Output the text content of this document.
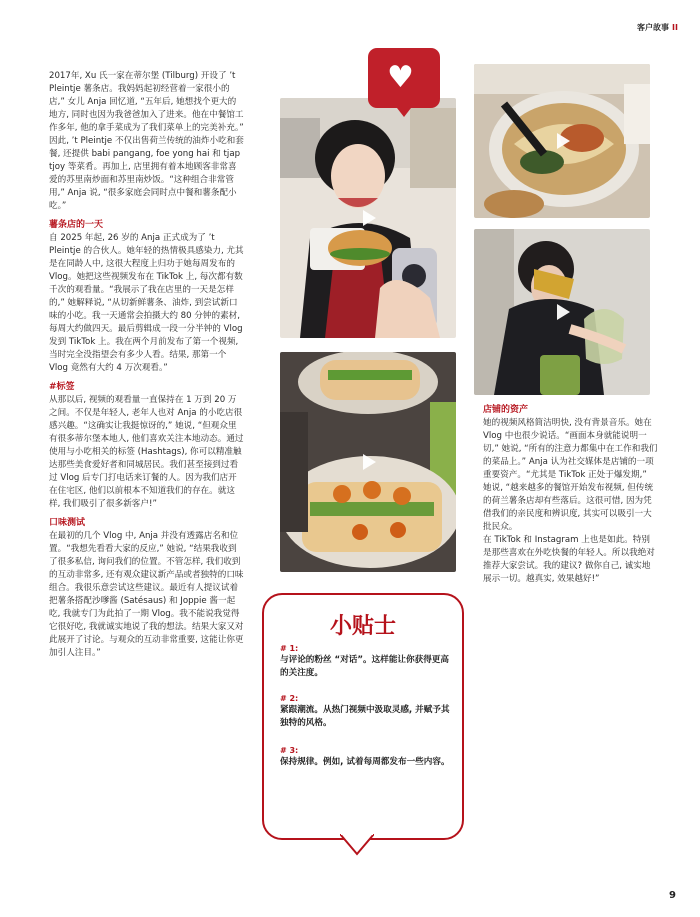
客户故事 II

2017年, Xu 氏一家在蒂尔堡 (Tilburg) 开设了 ’t Pleintje 薯条店。我妈妈起初经营着一家很小的店,” 女儿 Anja 回忆道, “五年后, 她想找个更大的地方, 同时也因为我爸爸加入了进来。他在中餐馆工作多年, 他的拿手菜成为了我们菜单上的完美补充。” 因此, ’t Pleintje 不仅出售荷兰传统的油炸小吃和套餐, 还提供 babi pangang, foe yong hai 和 tjap tjoy 等菜肴。再加上, 店里拥有着本地顾客非常喜爱的苏里南炒面和苏里南炒饭。“这种组合非常管用,” Anja 说, “很多家庭会同时点中餐和薯条配小吃。”

薯条店的一天

自 2025 年起, 26 岁的 Anja 正式成为了 ’t Pleintje 的合伙人。她年轻的热情极具感染力, 尤其是在同龄人中, 这很大程度上归功于她每周发布的 Vlog。她把这些视频发布在 TikTok 上, 每次都有数千次的观看量。“我展示了我在店里的一天是怎样的,” 她解释说, “从切新鲜薯条、油炸, 到尝试新口味的小吃。我一天通常会拍摄大约 80 分钟的素材, 每周大约做四天。最后剪辑成一段一分半钟的 Vlog 发到 TikTok 上。我在两个月前发布了第一个视频, 当时完全没指望会有多少人看。结果, 那第一个 Vlog 竟然有大约 4 万次观看。”

#标签

从那以后, 视频的观看量一直保持在 1 万到 20 万之间。不仅是年轻人, 老年人也对 Anja 的小吃店很感兴趣。“这确实让我挺惊讶的,” 她说, “但观众里有很多蒂尔堡本地人, 他们喜欢关注本地动态。通过使用与小吃相关的标签 (Hashtags), 你可以精准触达那些美食爱好者和同城居民。我们甚至接到过看过 Vlog 后专门打电话来订餐的人。因为我们店开在住宅区, 他们以前根本不知道我们的存在。就这样, 我们吸引了很多新客户!”

口味测试

在最初的几个 Vlog 中, Anja 并没有透露店名和位置。“我想先看看大家的反应,” 她说, “结果我收到了很多私信, 询问我们的位置。不管怎样, 我们收到的互动非常多, 还有观众建议新产品或者独特的口味组合。我很乐意尝试这些建议。最近有人提议试着把薯条搭配沙嗲酱 (Satésaus) 和 Joppie 酱一起吃, 我就专门为此拍了一期 Vlog。我不能说我觉得它很好吃, 我就诚实地说了我的想法。结果大家又对此展开了讨论。与观众的互动非常重要, 这能让你更加引人注目。”

♥
店铺的资产

她的视频风格简洁明快, 没有背景音乐。她在 Vlog 中也很少说话。“画面本身就能说明一切,” 她说, “所有的注意力都集中在工作和我们的菜品上。” Anja 认为社交媒体是店铺的一项重要资产。“尤其是 TikTok 正处于爆发期,” 她说, “越来越多的餐馆开始发布视频, 但传统的荷兰薯条店却有些落后。这很可惜, 因为凭借我们的亲民度和辨识度, 其实可以吸引一大批民众。

在 TikTok 和 Instagram 上也是如此。特别是那些喜欢在外吃快餐的年轻人。所以我绝对推荐大家尝试。我的建议? 做你自己, 诚实地展示一切。越真实, 效果越好!”

小贴士
# 1:
与评论的粉丝 “对话”。这样能让你获得更高的关注度。
# 2:
紧跟潮流。从热门视频中汲取灵感, 并赋予其独特的风格。
# 3:
保持规律。例如, 试着每周都发布一些内容。
9
